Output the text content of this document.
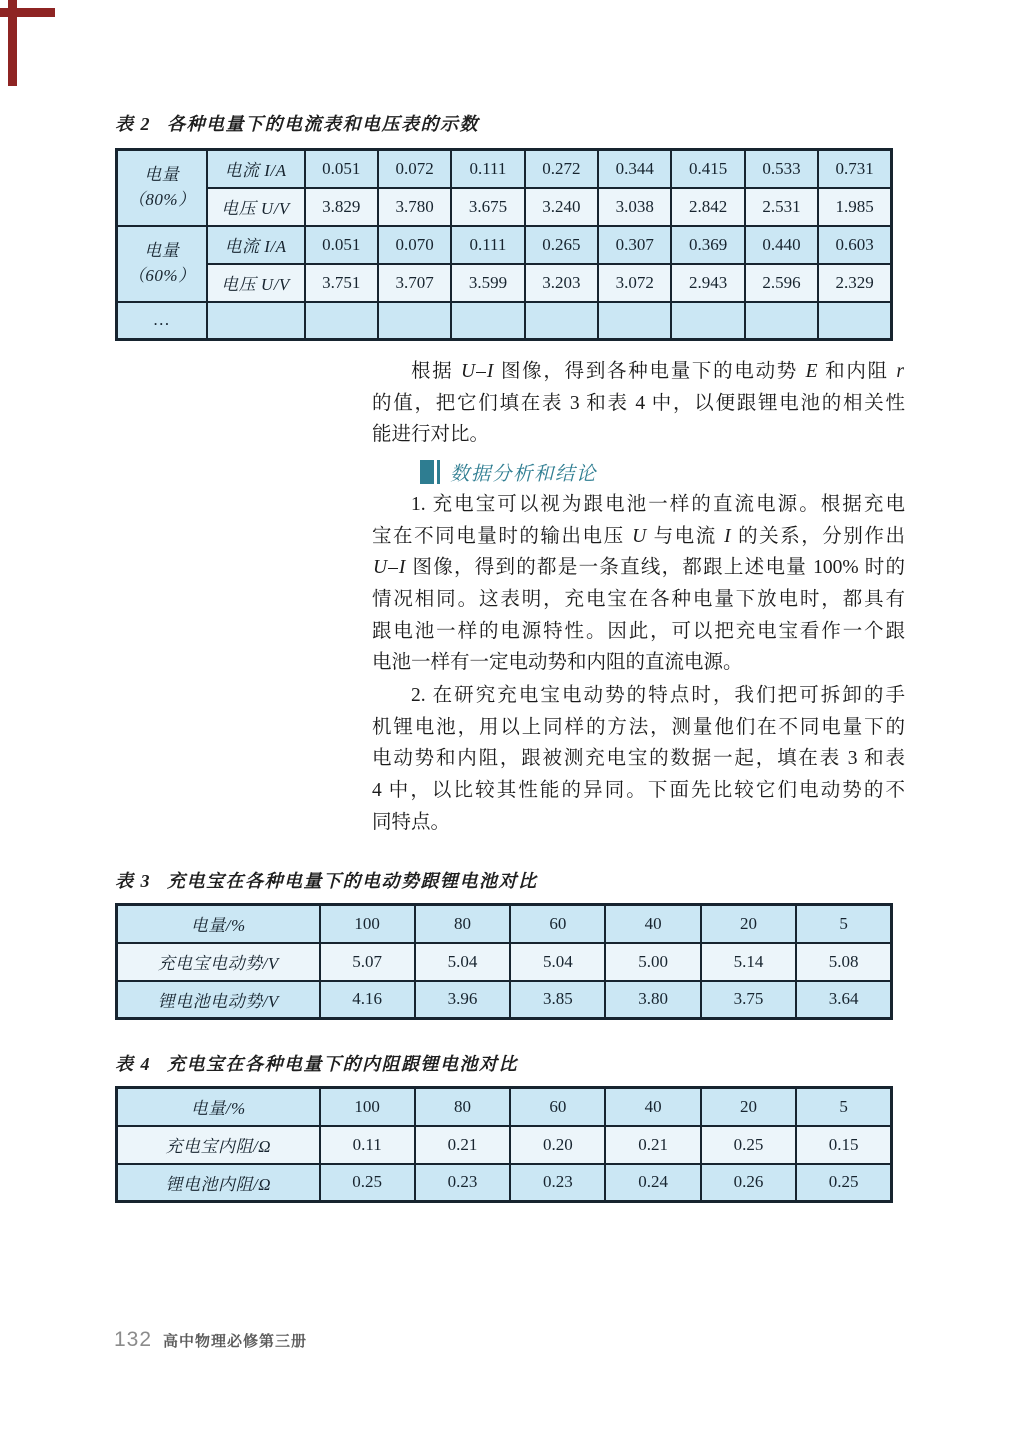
表 2 各种电量下的电流表和电压表的示数
电量
（80%）	电流 I/A	0.051	0.072	0.111	0.272	0.344	0.415	0.533	0.731
	电压 U/V	3.829	3.780	3.675	3.240	3.038	2.842	2.531	1.985
电量
（60%）	电流 I/A	0.051	0.070	0.111	0.265	0.307	0.369	0.440	0.603
	电压 U/V	3.751	3.707	3.599	3.203	3.072	2.943	2.596	2.329
…									
根据 U–I 图像，得到各种电量下的电动势 E 和内阻 r
的值，把它们填在表 3 和表 4 中，以便跟锂电池的相关性
能进行对比。
数据分析和结论
1. 充电宝可以视为跟电池一样的直流电源。根据充电
宝在不同电量时的输出电压 U 与电流 I 的关系，分别作出
U–I 图像，得到的都是一条直线，都跟上述电量 100% 时的
情况相同。这表明，充电宝在各种电量下放电时，都具有
跟电池一样的电源特性。因此，可以把充电宝看作一个跟
电池一样有一定电动势和内阻的直流电源。
2. 在研究充电宝电动势的特点时，我们把可拆卸的手
机锂电池，用以上同样的方法，测量他们在不同电量下的
电动势和内阻，跟被测充电宝的数据一起，填在表 3 和表
4 中，以比较其性能的异同。下面先比较它们电动势的不
同特点。
表 3 充电宝在各种电量下的电动势跟锂电池对比
电量/%	100	80	60	40	20	5
充电宝电动势/V	5.07	5.04	5.04	5.00	5.14	5.08
锂电池电动势/V	4.16	3.96	3.85	3.80	3.75	3.64
表 4 充电宝在各种电量下的内阻跟锂电池对比
电量/%	100	80	60	40	20	5
充电宝内阻/Ω	0.11	0.21	0.20	0.21	0.25	0.15
锂电池内阻/Ω	0.25	0.23	0.23	0.24	0.26	0.25
132 高中物理必修第三册
